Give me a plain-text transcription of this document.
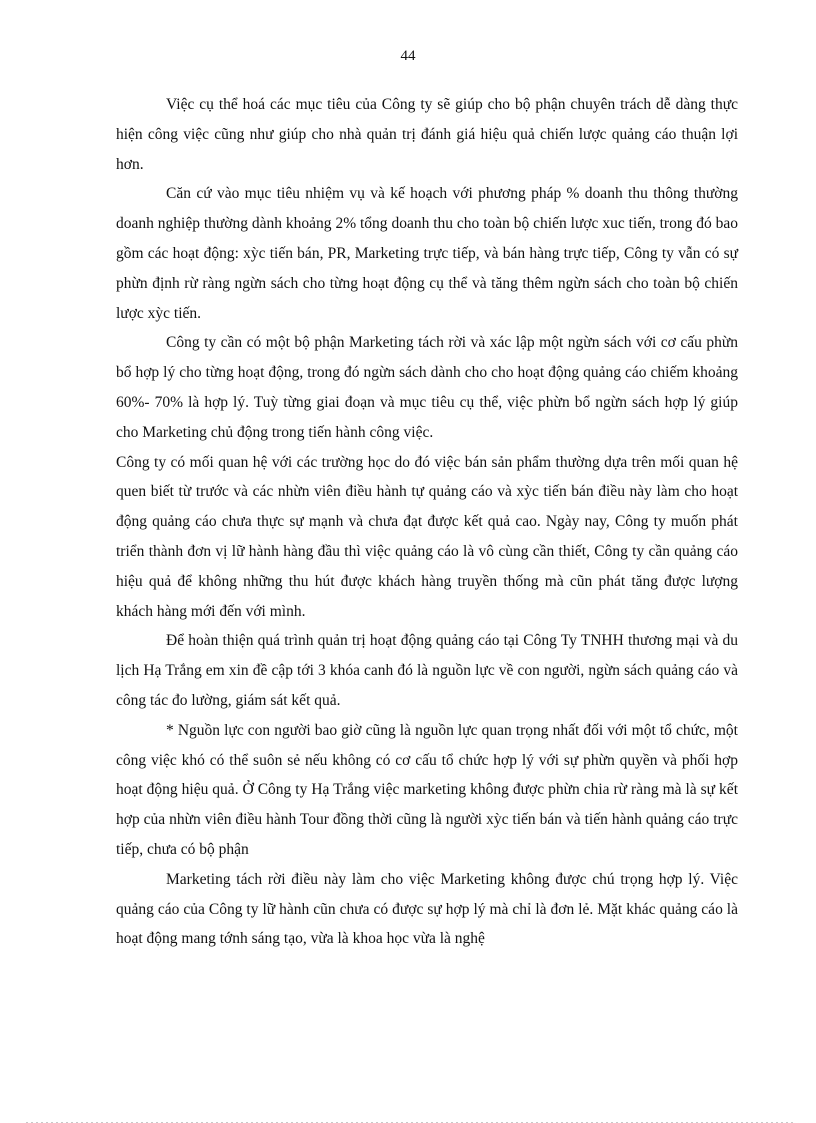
44

Việc cụ thể hoá các mục tiêu của Công ty sẽ giúp cho bộ phận chuyên trách dễ dàng thực hiện công việc cũng như giúp cho nhà quản trị đánh giá hiệu quả chiến lược quảng cáo thuận lợi hơn.

Căn cứ vào mục tiêu nhiệm vụ và kế hoạch với phương pháp % doanh thu thông thường doanh nghiệp thường dành khoảng 2% tổng doanh thu cho toàn bộ chiến lược xuc tiến, trong đó bao gồm các hoạt động: xỳc tiến bán, PR, Marketing trực tiếp, và bán hàng trực tiếp, Công ty vẫn có sự phừn định rừ ràng ngừn sách cho từng hoạt động cụ thể và tăng thêm ngừn sách cho toàn bộ chiến lược xỳc tiến.

Công ty cần có một bộ phận Marketing tách rời và xác lập một ngừn sách với cơ cấu phừn bổ hợp lý cho từng hoạt động, trong đó ngừn sách dành cho cho hoạt động quảng cáo chiếm khoảng 60%- 70% là hợp lý. Tuỳ từng giai đoạn và mục tiêu cụ thể, việc phừn bổ ngừn sách hợp lý giúp cho Marketing chủ động trong tiến hành công việc.

Công ty có mối quan hệ với các trường học do đó việc bán sản phẩm thường dựa trên mối quan hệ quen biết từ trước và các nhừn viên điều hành tự quảng cáo và xỳc tiến bán điều này làm cho hoạt động quảng cáo chưa thực sự mạnh và chưa đạt được kết quả cao. Ngày nay, Công ty muốn phát triển thành đơn vị lữ hành hàng đầu thì việc quảng cáo là vô cùng cần thiết, Công ty cần quảng cáo hiệu quả để không những thu hút được khách hàng truyền thống mà cũn phát tăng được lượng khách hàng mới đến với mình.

Để hoàn thiện quá trình quản trị hoạt động quảng cáo tại Công Ty TNHH thương mại và du lịch Hạ Trắng em xin đề cập tới 3 khóa canh đó là nguồn lực về con người, ngừn sách quảng cáo và công tác đo lường, giám sát kết quả.

* Nguồn lực con người bao giờ cũng là nguồn lực quan trọng nhất đối với một tổ chức, một công việc khó có thể suôn sẻ nếu không có cơ cấu tổ chức hợp lý với sự phừn quyền và phối hợp hoạt động hiệu quả. Ở Công ty Hạ Trắng việc marketing không được phừn chia rừ ràng mà là sự kết hợp của nhừn viên điều hành Tour đồng thời cũng là người xỳc tiến bán và tiến hành quảng cáo trực tiếp, chưa có bộ phận

Marketing tách rời điều này làm cho việc Marketing không được chú trọng hợp lý. Việc quảng cáo của Công ty lữ hành cũn chưa có được sự hợp lý mà chỉ là đơn lẻ. Mặt khác quảng cáo là hoạt động mang tớnh sáng tạo, vừa là khoa học vừa là nghệ
